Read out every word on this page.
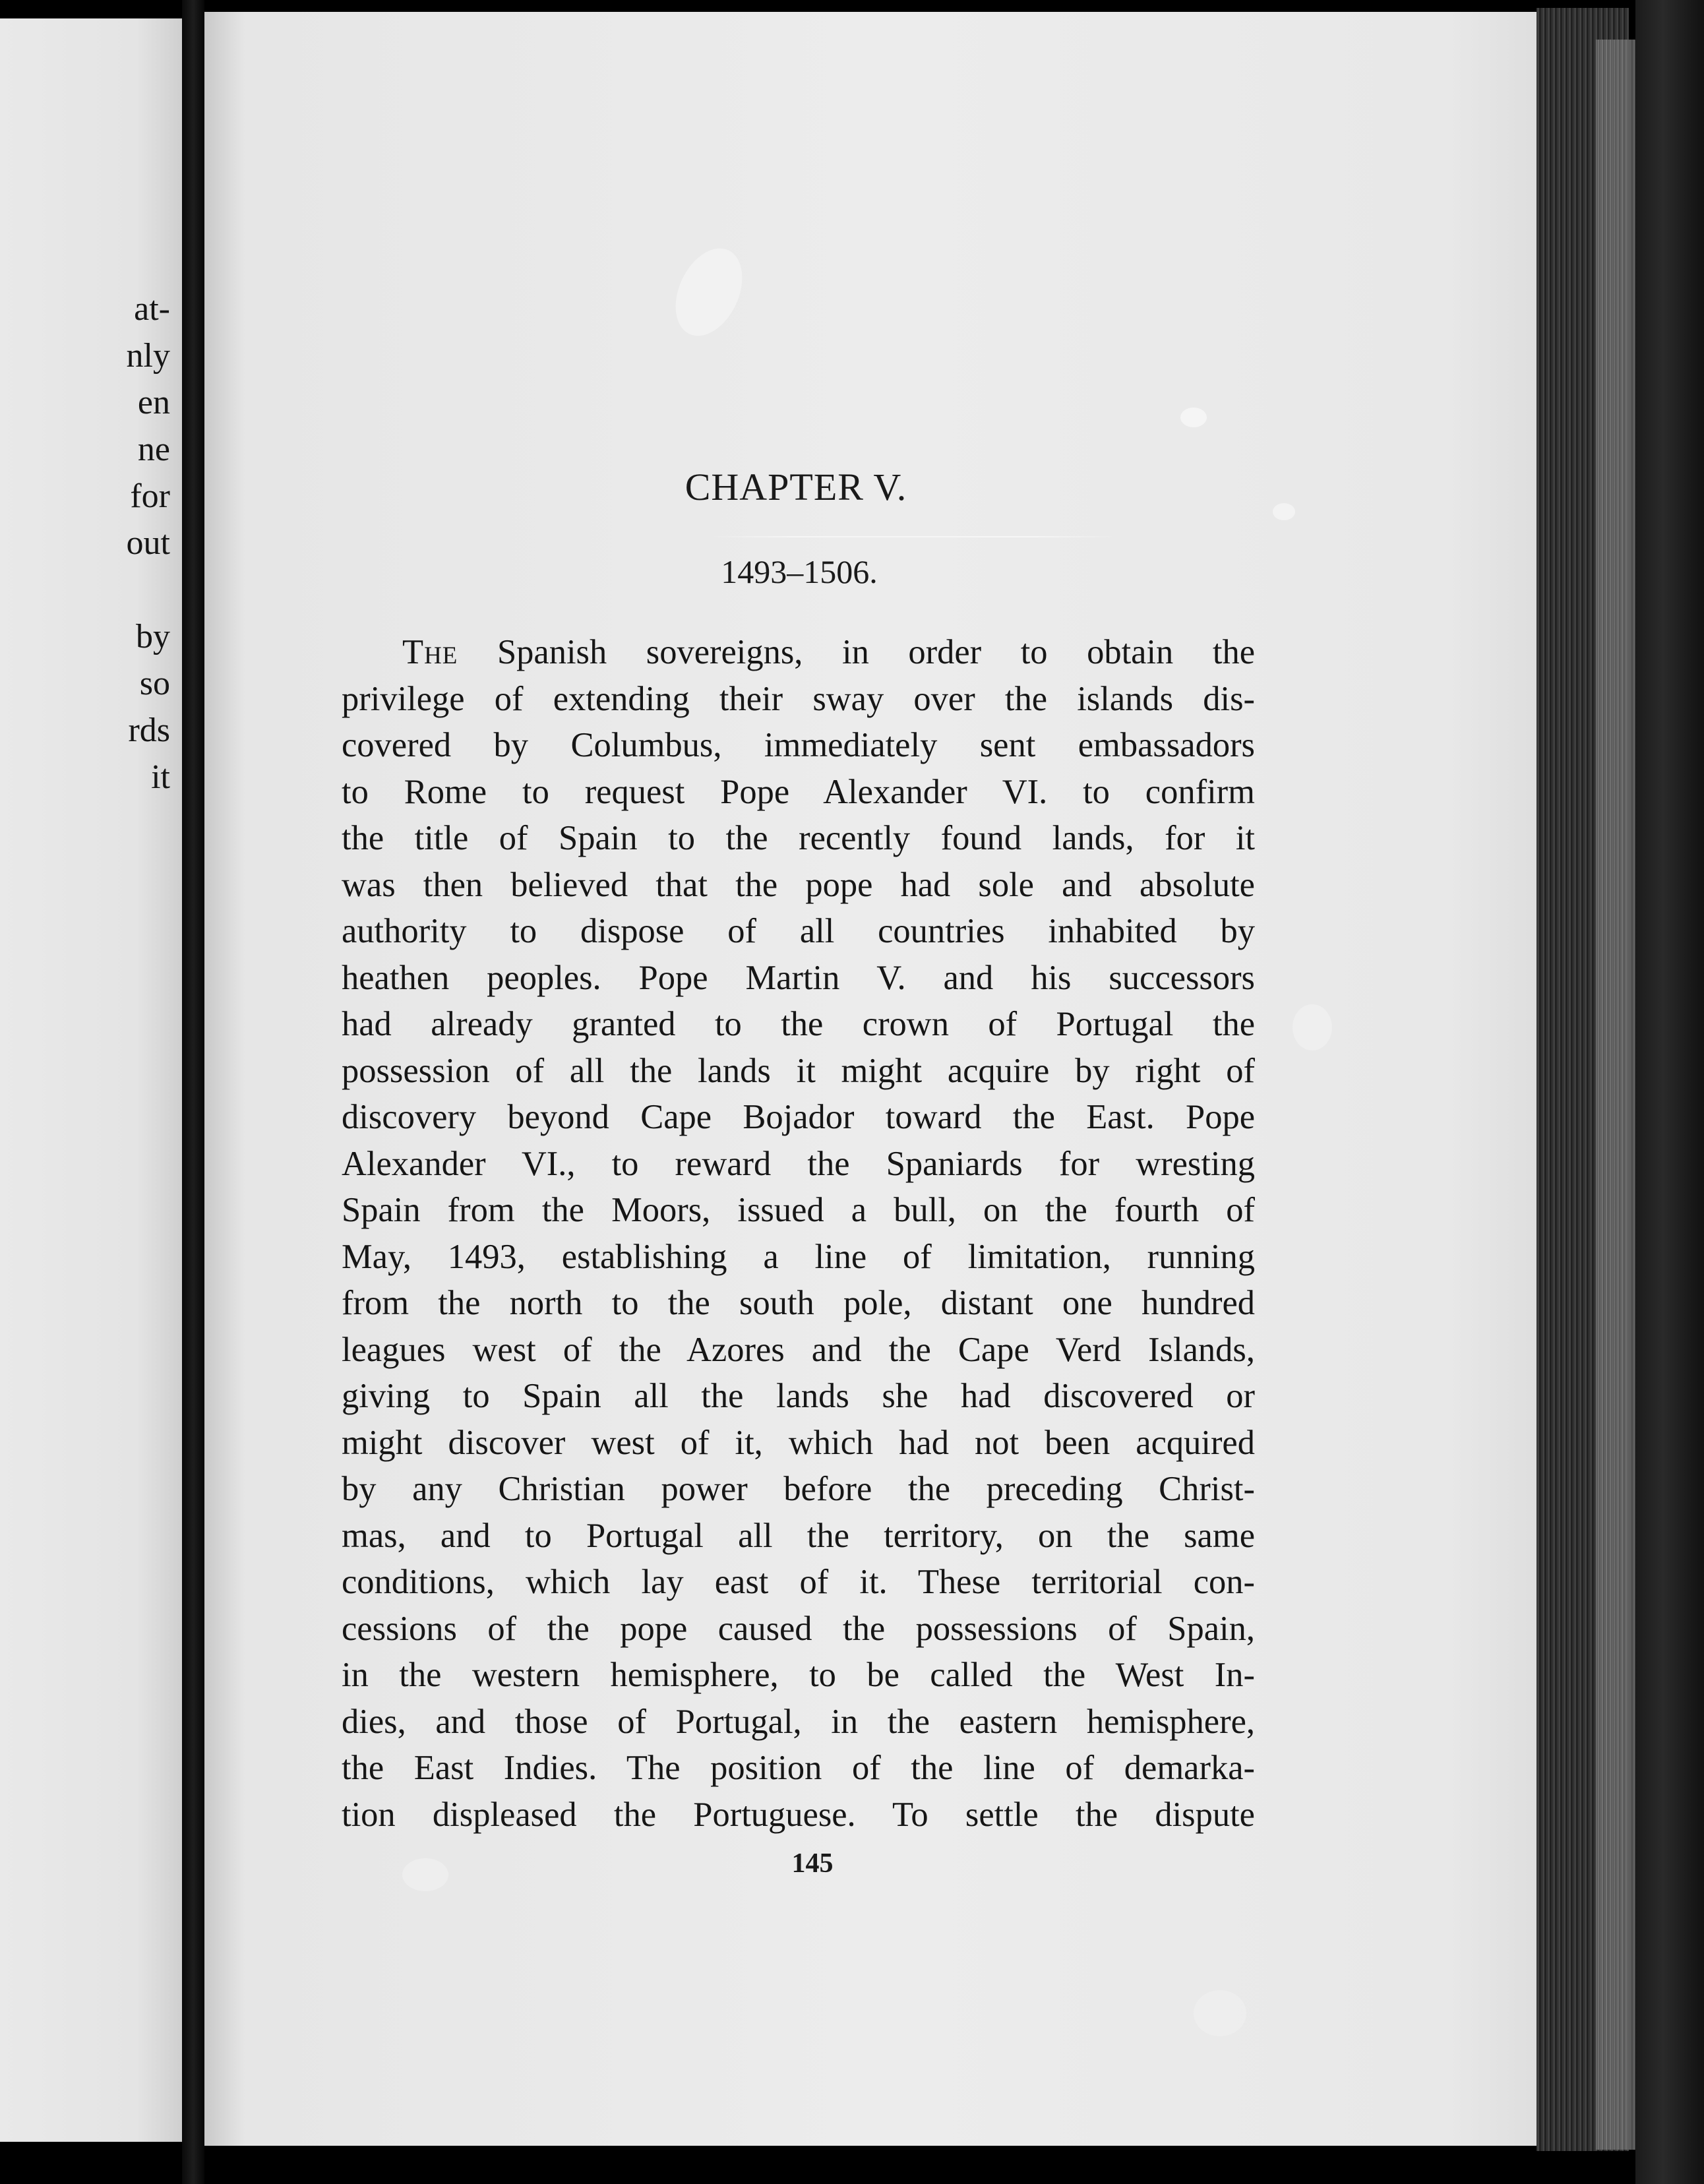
at-
nly
en
ne
for
out
by
so
rds
it
CHAPTER V.

1493–1506.

The Spanish sovereigns, in order to obtain the
privilege of extending their sway over the islands dis-
covered by Columbus, immediately sent embassadors
to Rome to request Pope Alexander VI. to confirm
the title of Spain to the recently found lands, for it
was then believed that the pope had sole and absolute
authority to dispose of all countries inhabited by
heathen peoples. Pope Martin V. and his successors
had already granted to the crown of Portugal the
possession of all the lands it might acquire by right of
discovery beyond Cape Bojador toward the East. Pope
Alexander VI., to reward the Spaniards for wresting
Spain from the Moors, issued a bull, on the fourth of
May, 1493, establishing a line of limitation, running
from the north to the south pole, distant one hundred
leagues west of the Azores and the Cape Verd Islands,
giving to Spain all the lands she had discovered or
might discover west of it, which had not been acquired
by any Christian power before the preceding Christ-
mas, and to Portugal all the territory, on the same
conditions, which lay east of it. These territorial con-
cessions of the pope caused the possessions of Spain,
in the western hemisphere, to be called the West In-
dies, and those of Portugal, in the eastern hemisphere,
the East Indies. The position of the line of demarka-
tion displeased the Portuguese. To settle the dispute

145
